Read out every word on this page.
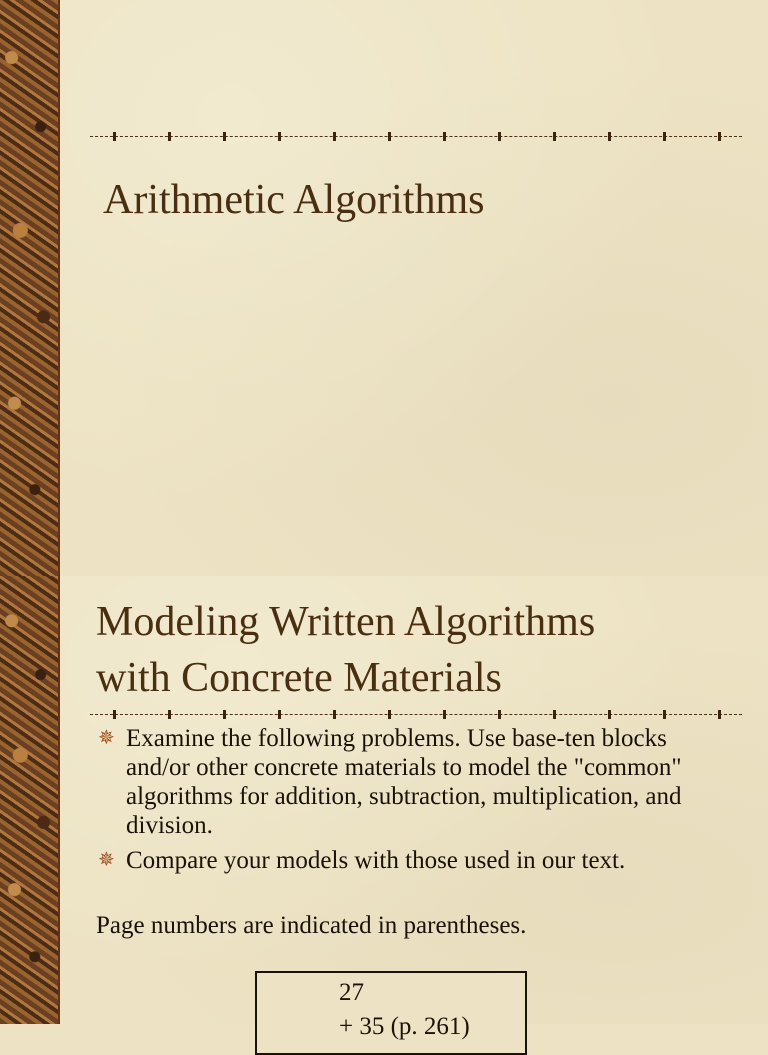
Arithmetic Algorithms
Modeling Written Algorithms
with Concrete Materials
✵ Examine the following problems. Use base-ten blocks and/or other concrete materials to model the "common" algorithms for addition, subtraction, multiplication, and division.
✵ Compare your models with those used in our text.

Page numbers are indicated in parentheses.

27
+ 35 (p. 261)
